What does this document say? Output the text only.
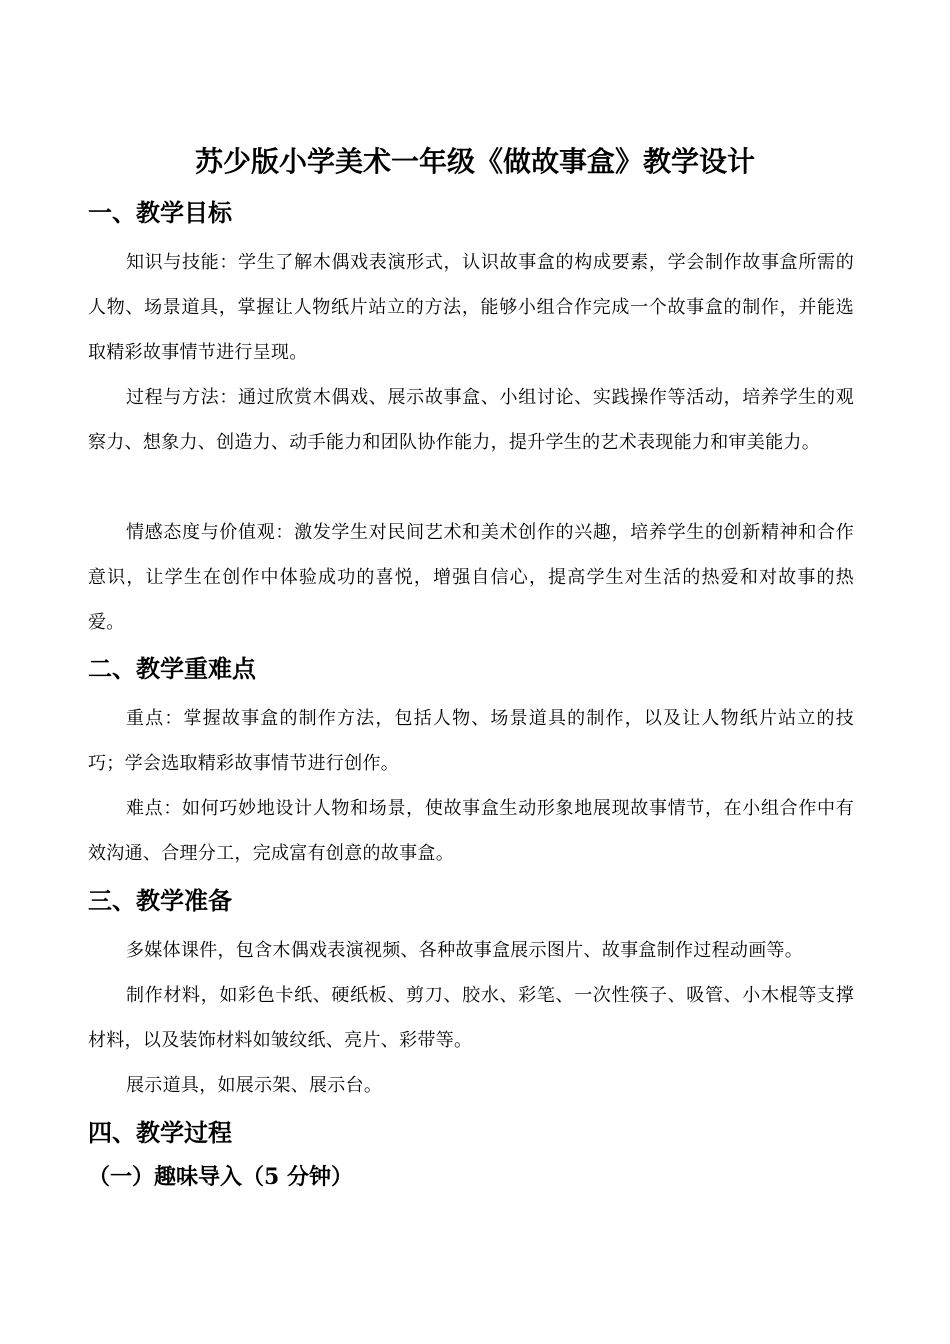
苏少版小学美术一年级《做故事盒》教学设计
一、教学目标

知识与技能：学生了解木偶戏表演形式，认识故事盒的构成要素，学会制作故事盒所需的人物、场景道具，掌握让人物纸片站立的方法，能够小组合作完成一个故事盒的制作，并能选取精彩故事情节进行呈现。

过程与方法：通过欣赏木偶戏、展示故事盒、小组讨论、实践操作等活动，培养学生的观察力、想象力、创造力、动手能力和团队协作能力，提升学生的艺术表现能力和审美能力。

情感态度与价值观：激发学生对民间艺术和美术创作的兴趣，培养学生的创新精神和合作意识，让学生在创作中体验成功的喜悦，增强自信心，提高学生对生活的热爱和对故事的热爱。

二、教学重难点

重点：掌握故事盒的制作方法，包括人物、场景道具的制作，以及让人物纸片站立的技巧；学会选取精彩故事情节进行创作。

难点：如何巧妙地设计人物和场景，使故事盒生动形象地展现故事情节，在小组合作中有效沟通、合理分工，完成富有创意的故事盒。

三、教学准备

多媒体课件，包含木偶戏表演视频、各种故事盒展示图片、故事盒制作过程动画等。

制作材料，如彩色卡纸、硬纸板、剪刀、胶水、彩笔、一次性筷子、吸管、小木棍等支撑材料，以及装饰材料如皱纹纸、亮片、彩带等。

展示道具，如展示架、展示台。

四、教学过程
（一）趣味导入（5 分钟）
